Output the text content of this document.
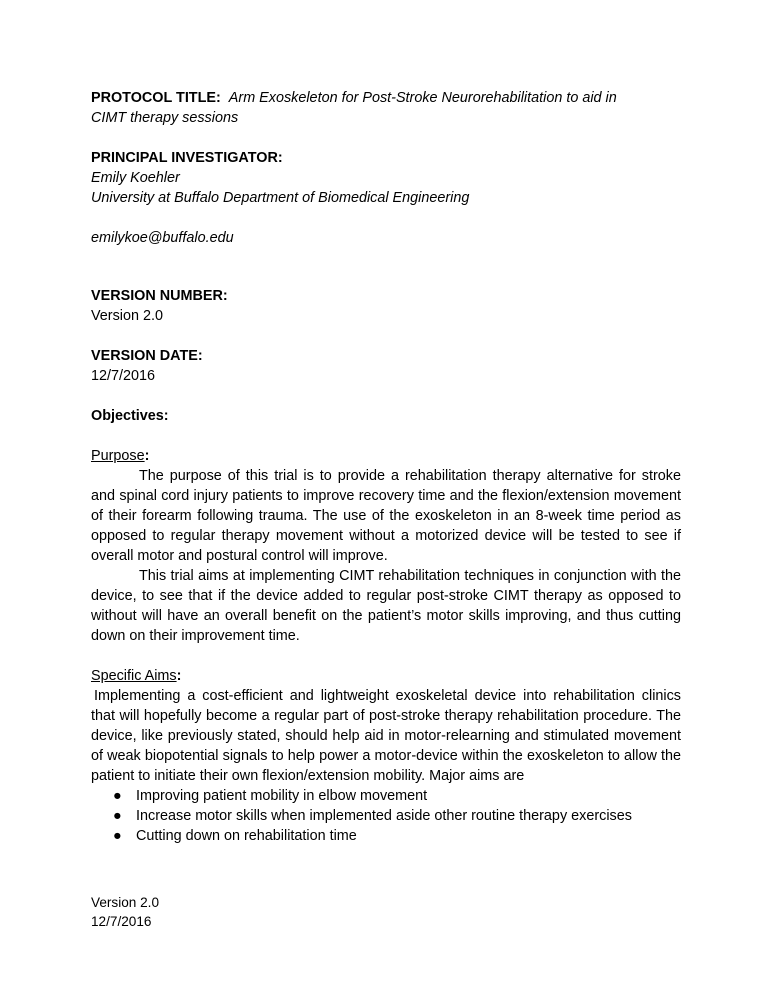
PROTOCOL TITLE: Arm Exoskeleton for Post-Stroke Neurorehabilitation to aid in
CIMT therapy sessions

PRINCIPAL INVESTIGATOR:

Emily Koehler

University at Buffalo Department of Biomedical Engineering

emilykoe@buffalo.edu

VERSION NUMBER:

Version 2.0

VERSION DATE:

12/7/2016

Objectives:

Purpose:

The purpose of this trial is to provide a rehabilitation therapy alternative for stroke and spinal cord injury patients to improve recovery time and the flexion/extension movement of their forearm following trauma. The use of the exoskeleton in an 8-week time period as opposed to regular therapy movement without a motorized device will be tested to see if overall motor and postural control will improve.

This trial aims at implementing CIMT rehabilitation techniques in conjunction with the device, to see that if the device added to regular post-stroke CIMT therapy as opposed to without will have an overall benefit on the patient’s motor skills improving, and thus cutting down on their improvement time.

Specific Aims:

Implementing a cost-efficient and lightweight exoskeletal device into rehabilitation clinics that will hopefully become a regular part of post-stroke therapy rehabilitation procedure. The device, like previously stated, should help aid in motor-relearning and stimulated movement of weak biopotential signals to help power a motor-device within the exoskeleton to allow the patient to initiate their own flexion/extension mobility. Major aims are

● Improving patient mobility in elbow movement
● Increase motor skills when implemented aside other routine therapy exercises
● Cutting down on rehabilitation time
Version 2.0
12/7/2016
